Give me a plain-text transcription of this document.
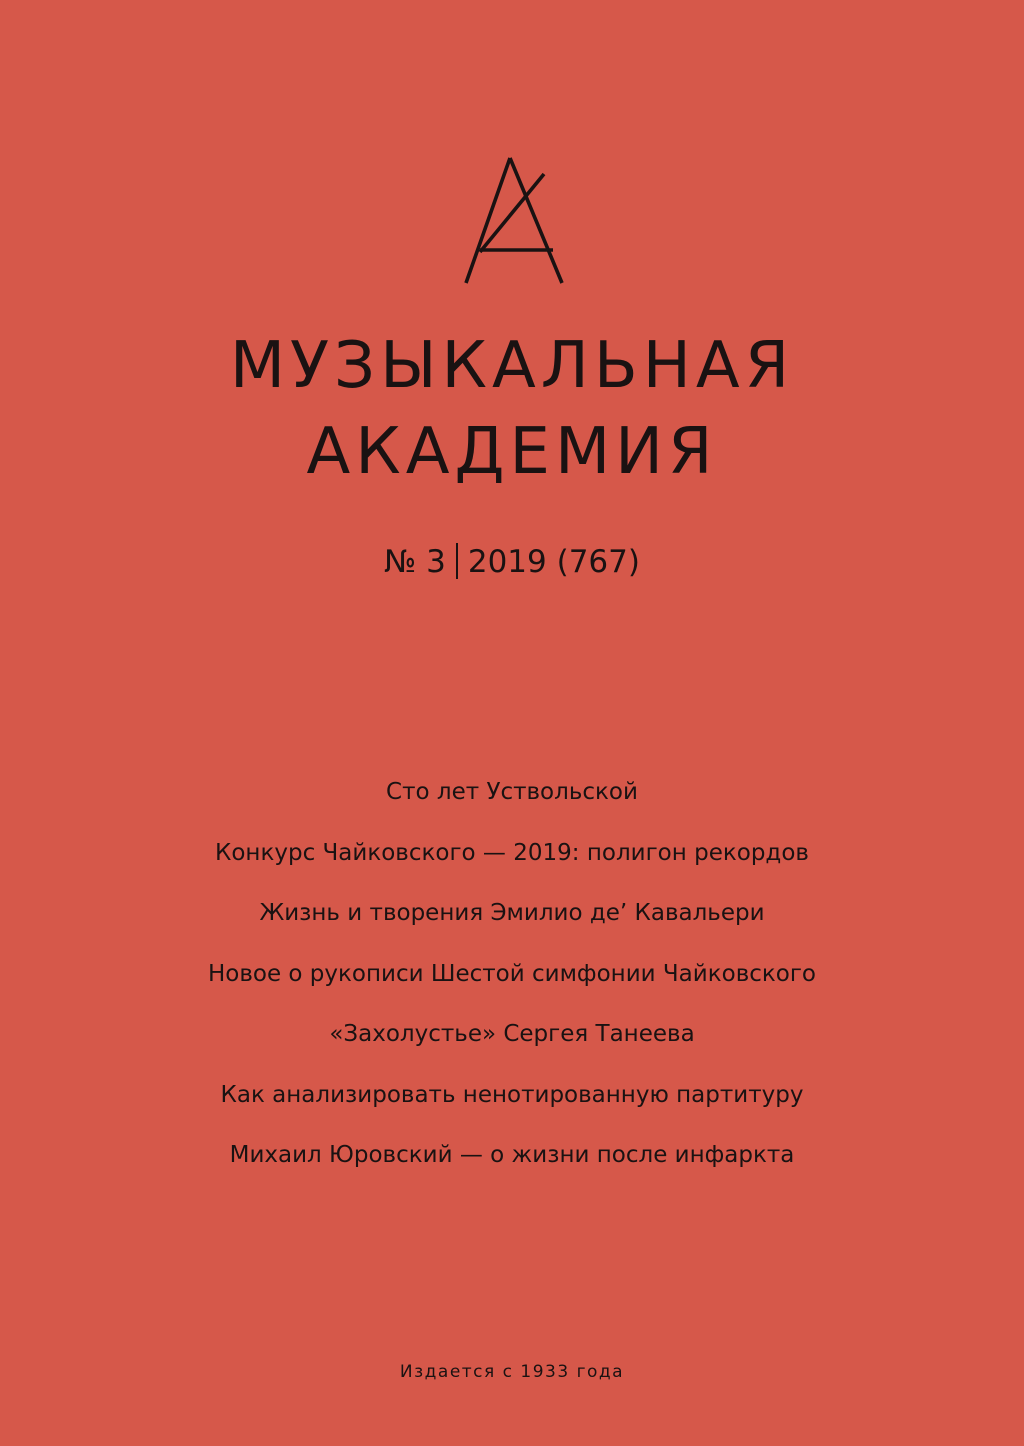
МУЗЫКАЛЬНАЯ
АКАДЕМИЯ
№ 3 2019 (767)
Сто лет Уствольской
Конкурс Чайковского — 2019: полигон рекордов
Жизнь и творения Эмилио де’ Кавальери
Новое о рукописи Шестой симфонии Чайковского
«Захолустье» Сергея Танеева
Как анализировать ненотированную партитуру
Михаил Юровский — о жизни после инфаркта
Издается с 1933 года
